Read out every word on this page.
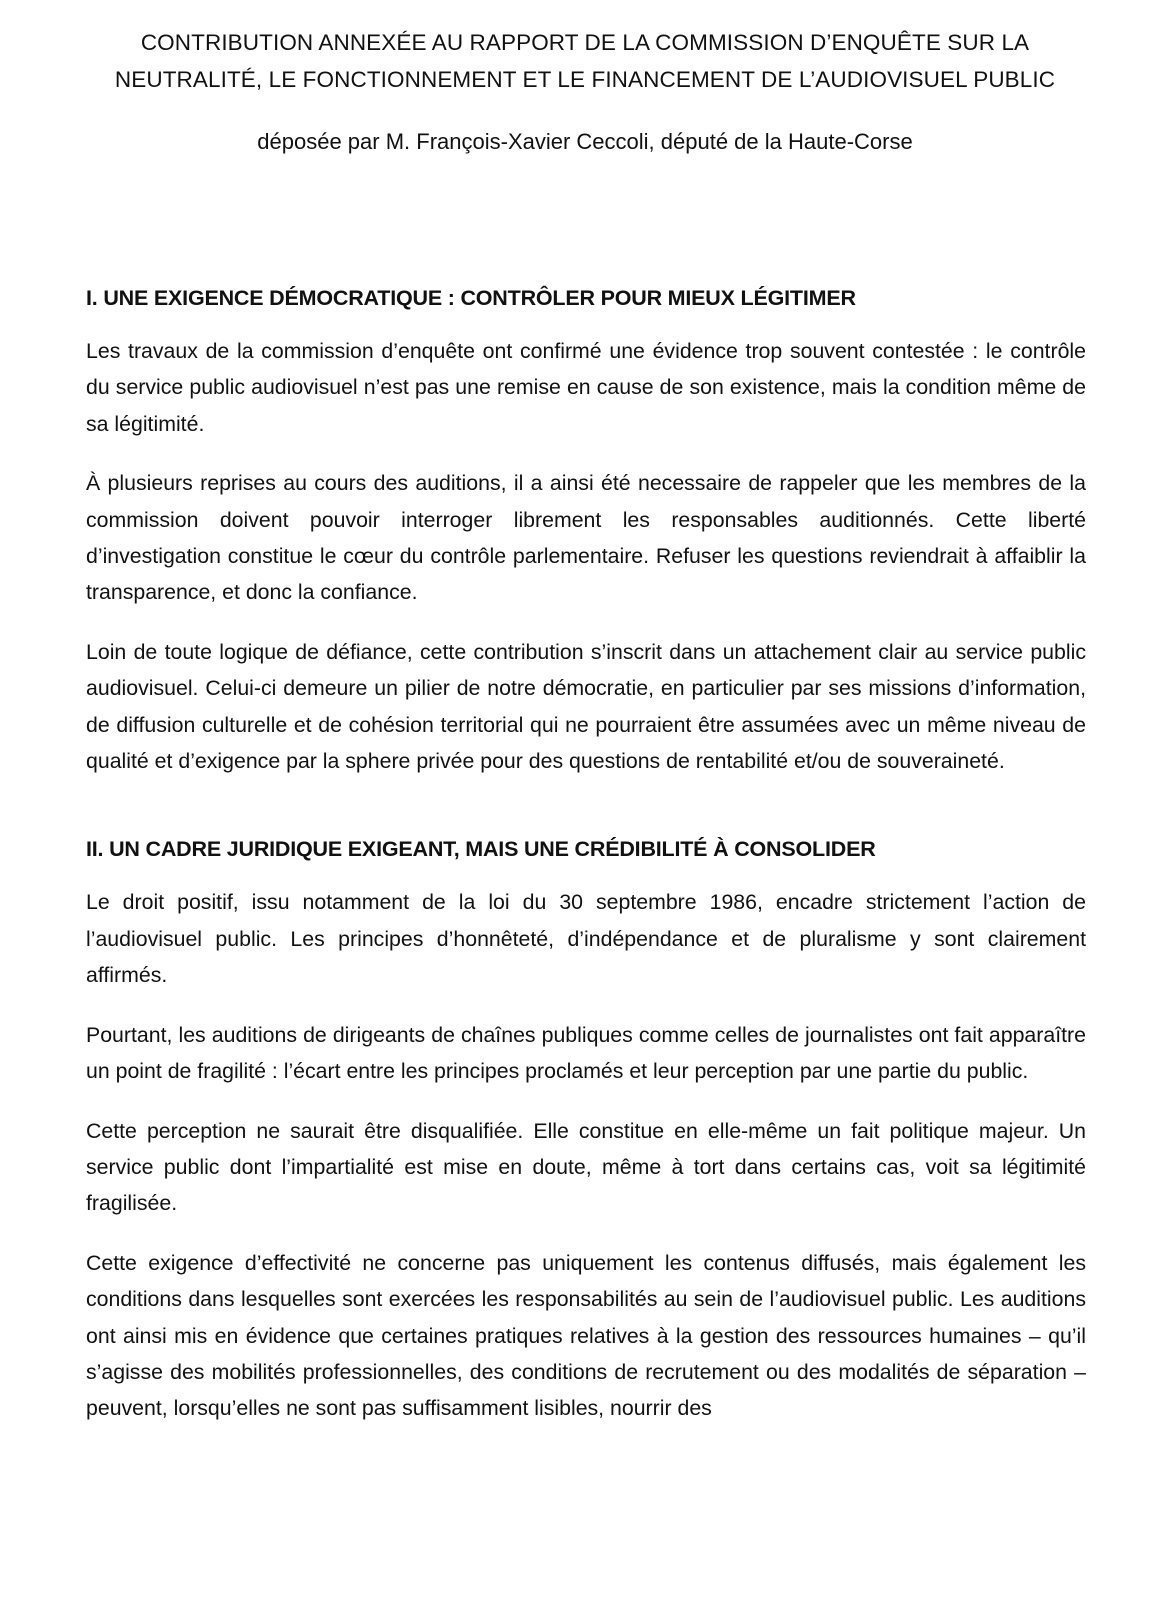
CONTRIBUTION ANNEXÉE AU RAPPORT DE LA COMMISSION D’ENQUÊTE SUR LA
NEUTRALITÉ, LE FONCTIONNEMENT ET LE FINANCEMENT DE L’AUDIOVISUEL PUBLIC
déposée par M. François-Xavier Ceccoli, député de la Haute-Corse
I. UNE EXIGENCE DÉMOCRATIQUE : CONTRÔLER POUR MIEUX LÉGITIMER

Les travaux de la commission d’enquête ont confirmé une évidence trop souvent contestée : le contrôle du service public audiovisuel n’est pas une remise en cause de son existence, mais la condition même de sa légitimité.

À plusieurs reprises au cours des auditions, il a ainsi été necessaire de rappeler que les membres de la commission doivent pouvoir interroger librement les responsables auditionnés. Cette liberté d’investigation constitue le cœur du contrôle parlementaire. Refuser les questions reviendrait à affaiblir la transparence, et donc la confiance.

Loin de toute logique de défiance, cette contribution s’inscrit dans un attachement clair au service public audiovisuel. Celui-ci demeure un pilier de notre démocratie, en particulier par ses missions d’information, de diffusion culturelle et de cohésion territorial qui ne pourraient être assumées avec un même niveau de qualité et d’exigence par la sphere privée pour des questions de rentabilité et/ou de souveraineté.

II. UN CADRE JURIDIQUE EXIGEANT, MAIS UNE CRÉDIBILITÉ À CONSOLIDER

Le droit positif, issu notamment de la loi du 30 septembre 1986, encadre strictement l’action de l’audiovisuel public. Les principes d’honnêteté, d’indépendance et de pluralisme y sont clairement affirmés.

Pourtant, les auditions de dirigeants de chaînes publiques comme celles de journalistes ont fait apparaître un point de fragilité : l’écart entre les principes proclamés et leur perception par une partie du public.

Cette perception ne saurait être disqualifiée. Elle constitue en elle-même un fait politique majeur. Un service public dont l’impartialité est mise en doute, même à tort dans certains cas, voit sa légitimité fragilisée.

Cette exigence d’effectivité ne concerne pas uniquement les contenus diffusés, mais également les conditions dans lesquelles sont exercées les responsabilités au sein de l’audiovisuel public. Les auditions ont ainsi mis en évidence que certaines pratiques relatives à la gestion des ressources humaines – qu’il s’agisse des mobilités professionnelles, des conditions de recrutement ou des modalités de séparation – peuvent, lorsqu’elles ne sont pas suffisamment lisibles, nourrir des
